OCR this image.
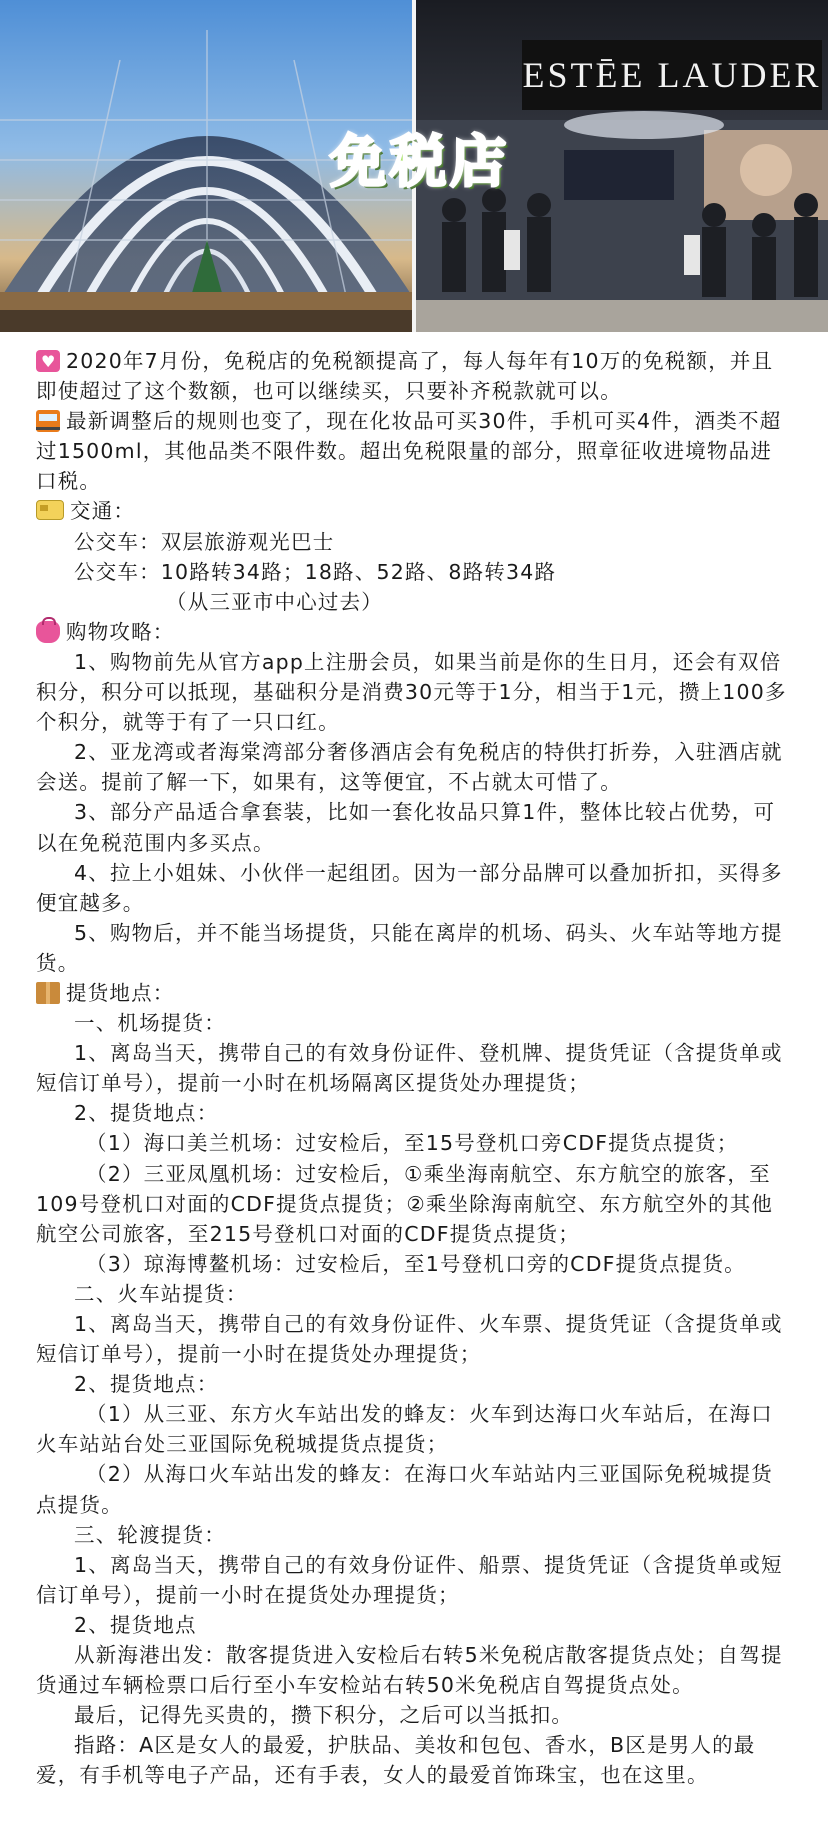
ESTĒE LAUDER
免税店

♥2020年7月份，免税店的免税额提高了，每人每年有10万的免税额，并且即使超过了这个数额，也可以继续买，只要补齐税款就可以。

最新调整后的规则也变了，现在化妆品可买30件，手机可买4件，酒类不超过1500ml，其他品类不限件数。超出免税限量的部分，照章征收进境物品进口税。

交通：

公交车：双层旅游观光巴士

公交车：10路转34路；18路、52路、8路转34路

（从三亚市中心过去）

购物攻略：

1、购物前先从官方app上注册会员，如果当前是你的生日月，还会有双倍积分，积分可以抵现，基础积分是消费30元等于1分，相当于1元，攒上100多个积分，就等于有了一只口红。

2、亚龙湾或者海棠湾部分奢侈酒店会有免税店的特供打折券，入驻酒店就会送。提前了解一下，如果有，这等便宜，不占就太可惜了。

3、部分产品适合拿套装，比如一套化妆品只算1件，整体比较占优势，可以在免税范围内多买点。

4、拉上小姐妹、小伙伴一起组团。因为一部分品牌可以叠加折扣，买得多便宜越多。

5、购物后，并不能当场提货，只能在离岸的机场、码头、火车站等地方提货。

提货地点：

一、机场提货：

1、离岛当天，携带自己的有效身份证件、登机牌、提货凭证（含提货单或短信订单号），提前一小时在机场隔离区提货处办理提货；

2、提货地点：

（1）海口美兰机场：过安检后，至15号登机口旁CDF提货点提货；

（2）三亚凤凰机场：过安检后，①乘坐海南航空、东方航空的旅客，至109号登机口对面的CDF提货点提货；②乘坐除海南航空、东方航空外的其他航空公司旅客，至215号登机口对面的CDF提货点提货；

（3）琼海博鳌机场：过安检后，至1号登机口旁的CDF提货点提货。

二、火车站提货：

1、离岛当天，携带自己的有效身份证件、火车票、提货凭证（含提货单或短信订单号），提前一小时在提货处办理提货；

2、提货地点：

（1）从三亚、东方火车站出发的蜂友：火车到达海口火车站后，在海口火车站站台处三亚国际免税城提货点提货；

（2）从海口火车站出发的蜂友：在海口火车站站内三亚国际免税城提货点提货。

三、轮渡提货：

1、离岛当天，携带自己的有效身份证件、船票、提货凭证（含提货单或短信订单号），提前一小时在提货处办理提货；

2、提货地点

从新海港出发：散客提货进入安检后右转5米免税店散客提货点处；自驾提货通过车辆检票口后行至小车安检站右转50米免税店自驾提货点处。

最后，记得先买贵的，攒下积分，之后可以当抵扣。

指路：A区是女人的最爱，护肤品、美妆和包包、香水，B区是男人的最爱，有手机等电子产品，还有手表，女人的最爱首饰珠宝，也在这里。
